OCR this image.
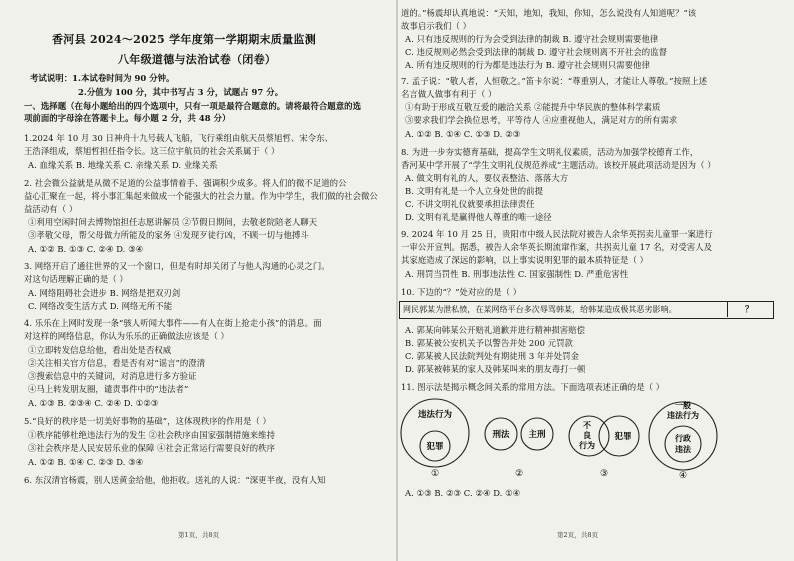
香河县 2024～2025 学年度第一学期期末质量监测
八年级道德与法治试卷（闭卷）
考试说明：1.本试卷时间为 90 分钟。
2.分值为 100 分，其中书写占 3 分，试题占 97 分。
一、选择题（在每小题给出的四个选项中，只有一项是最符合题意的。请将最符合题意的选
项前面的字母涂在答题卡上。每小题 2 分，共 48 分）
1.2024 年 10 月 30 日神舟十九号载人飞船，飞行乘组由航天员蔡旭哲、宋令东、
王浩泽组成，蔡旭哲担任指令长。这三位宇航员的社会关系属于（ ）
A. 血缘关系 B. 地缘关系 C. 亲缘关系 D. 业缘关系
2. 社会微公益就是从微不足道的公益事情着手、强调积少成多。将人们的微不足道的公
益心汇聚在一起，将小事汇集起来做成一个能强大的社会力量。作为中学生，我们做的社会微公
益活动有（ ）
①利用空闲时间去博物馆担任志愿讲解员 ②节假日期间，去敬老院陪老人聊天
③孝敬父母，帮父母做力所能及的家务 ④发现歹徒行凶，不顾一切与他搏斗
A. ①② B. ①③ C. ②④ D. ③④
3. 网络开启了通往世界的又一个窗口，但是有时却关闭了与他人沟通的心灵之门。
对这句话理解正确的是（ ）
A. 网络阻碍社会进步 B. 网络是把双刃剑
C. 网络改变生活方式 D. 网络无所不能
4. 乐乐在上网时发现一条“骇人听闻大事件——有人在街上抢走小孩”的消息。面
对这样的网络信息，你认为乐乐的正确做法应该是（ ）
①立即转发信息给他，看出处是否权威
②关注相关官方信息，看是否有对“谣言”的澄清
③搜索信息中的关键词，对消息进行多方验证
④马上转发朋友圈，谴责事件中的“违法者”
A. ①③ B. ②③④ C. ②④ D. ①②③
5.“良好的秩序是一切美好事物的基础”，这体现秩序的作用是（ ）
①秩序能够杜绝违法行为的发生 ②社会秩序由国家强制措施来维持
③社会秩序是人民安居乐业的保障 ④社会正常运行需要良好的秩序
A. ①② B. ①④ C. ②③ D. ③④
6. 东汉清官杨震，别人送黄金给他，他拒收。送礼的人说：“深更半夜，没有人知
第1页，共8页
道的。”杨震却认真地说：“天知，地知，我知，你知，怎么说没有人知道呢？”该
故事启示我们（ ）
A. 只有违反规则的行为会受到法律的制裁 B. 遵守社会规则需要他律
C. 违反规则必然会受到法律的制裁 D. 遵守社会规则离不开社会的监督
A. 所有违反规则的行为都是违法行为 B. 遵守社会规则只需要他律
7. 孟子说：“敬人者，人恒敬之。”笛卡尔说：“尊重别人，才能让人尊敬。”按照上述
名言做人做事有利于（ ）
①有助于形成互敬互爱的融洽关系 ②能提升中华民族的整体科学素质
③要求我们学会换位思考，平等待人 ④应重视他人，满足对方的所有需求
A. ①② B. ①④ C. ①③ D. ②③
8. 为进一步夯实德育基础，提高学生文明礼仪素质，活动为加强学校德育工作，
香河某中学开展了“学生文明礼仪规范养成”主题活动。该校开展此项活动是因为（ ）
A. 做文明有礼的人，要仪表整洁、落落大方
B. 文明有礼是一个人立身处世的前提
C. 不讲文明礼仪就要承担法律责任
D. 文明有礼是赢得他人尊重的唯一途径
9. 2024 年 10 月 25 日，贵阳市中级人民法院对被告人余华英拐卖儿童罪一案进行
一审公开宣判。据悉，被告人余华英长期流窜作案，共拐卖儿童 17 名，对受害人及
其家庭造成了深远的影响，以上事实说明犯罪的最本质特征是（ ）
A. 刑罚当罚性 B. 刑事违法性 C. 国家强制性 D. 严重危害性
10. 下边的“？”处对应的是（ ）
网民郭某为泄私愤，在某网络平台多次辱骂韩某，给韩某造成极其恶劣影响。	？
A. 郭某向韩某公开赔礼道歉并进行精神损害赔偿
B. 郭某被公安机关予以警告并处 200 元罚款
C. 郭某被人民法院判处有期徒刑 3 年并处罚金
D. 郭某被韩某的家人及韩某叫来的朋友毒打一顿
11. 图示法是揭示概念间关系的常用方法。下面选项表述正确的是（ ）
违法行为
犯罪
①
刑法 主刑
②
不
良
行为
犯罪
③
一般
违法行为
行政
违法
④
A. ①③ B. ②③ C. ②④ D. ①④
第2页，共8页
